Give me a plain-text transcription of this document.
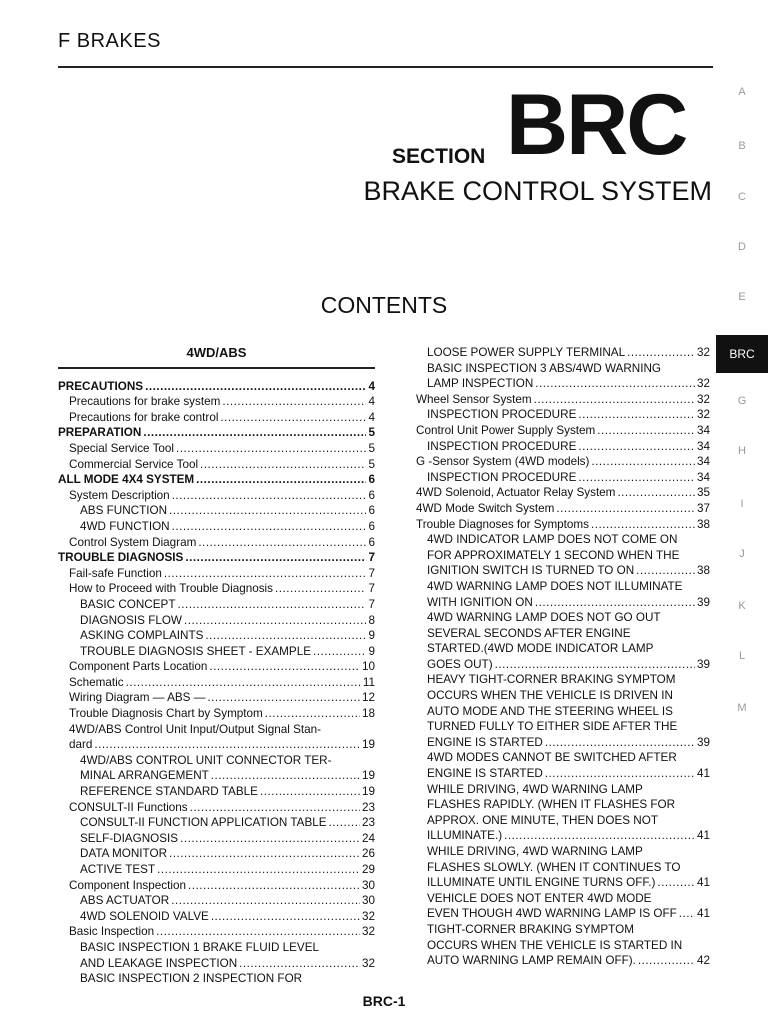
F BRAKES
SECTION BRC
BRAKE CONTROL SYSTEM
CONTENTS
A
B
C
D
E
BRC
G
H
I
J
K
L
M
4WD/ABS
PRECAUTIONS .....	4
Precautions for brake system .....	4
Precautions for brake control .....	4
PREPARATION .....	5
Special Service Tool .....	5
Commercial Service Tool .....	5
ALL MODE 4X4 SYSTEM .....	6
System Description .....	6
ABS FUNCTION .....	6
4WD FUNCTION .....	6
Control System Diagram .....	6
TROUBLE DIAGNOSIS .....	7
Fail-safe Function .....	7
How to Proceed with Trouble Diagnosis .....	7
BASIC CONCEPT .....	7
DIAGNOSIS FLOW .....	8
ASKING COMPLAINTS .....	9
TROUBLE DIAGNOSIS SHEET - EXAMPLE .....	9
Component Parts Location .....	10
Schematic .....	11
Wiring Diagram — ABS — .....	12
Trouble Diagnosis Chart by Symptom .....	18
4WD/ABS Control Unit Input/Output Signal Stan-
dard .....	19
4WD/ABS CONTROL UNIT CONNECTOR TER-
MINAL ARRANGEMENT .....	19
REFERENCE STANDARD TABLE .....	19
CONSULT-II Functions .....	23
CONSULT-II FUNCTION APPLICATION TABLE .....	23
SELF-DIAGNOSIS .....	24
DATA MONITOR .....	26
ACTIVE TEST .....	29
Component Inspection .....	30
ABS ACTUATOR .....	30
4WD SOLENOID VALVE .....	32
Basic Inspection .....	32
BASIC INSPECTION 1 BRAKE FLUID LEVEL
AND LEAKAGE INSPECTION .....	32
BASIC INSPECTION 2 INSPECTION FOR
LOOSE POWER SUPPLY TERMINAL .....	32
BASIC INSPECTION 3 ABS/4WD WARNING
LAMP INSPECTION .....	32
Wheel Sensor System .....	32
INSPECTION PROCEDURE .....	32
Control Unit Power Supply System .....	34
INSPECTION PROCEDURE .....	34
G -Sensor System (4WD models) .....	34
INSPECTION PROCEDURE .....	34
4WD Solenoid, Actuator Relay System .....	35
4WD Mode Switch System .....	37
Trouble Diagnoses for Symptoms .....	38
4WD INDICATOR LAMP DOES NOT COME ON
FOR APPROXIMATELY 1 SECOND WHEN THE
IGNITION SWITCH IS TURNED TO ON .....	38
4WD WARNING LAMP DOES NOT ILLUMINATE
WITH IGNITION ON .....	39
4WD WARNING LAMP DOES NOT GO OUT
SEVERAL SECONDS AFTER ENGINE
STARTED.(4WD MODE INDICATOR LAMP
GOES OUT) .....	39
HEAVY TIGHT-CORNER BRAKING SYMPTOM
OCCURS WHEN THE VEHICLE IS DRIVEN IN
AUTO MODE AND THE STEERING WHEEL IS
TURNED FULLY TO EITHER SIDE AFTER THE
ENGINE IS STARTED .....	39
4WD MODES CANNOT BE SWITCHED AFTER
ENGINE IS STARTED .....	41
WHILE DRIVING, 4WD WARNING LAMP
FLASHES RAPIDLY. (WHEN IT FLASHES FOR
APPROX. ONE MINUTE, THEN DOES NOT
ILLUMINATE.) .....	41
WHILE DRIVING, 4WD WARNING LAMP
FLASHES SLOWLY. (WHEN IT CONTINUES TO
ILLUMINATE UNTIL ENGINE TURNS OFF.) .....	41
VEHICLE DOES NOT ENTER 4WD MODE
EVEN THOUGH 4WD WARNING LAMP IS OFF ..... 41
TIGHT-CORNER BRAKING SYMPTOM
OCCURS WHEN THE VEHICLE IS STARTED IN
AUTO WARNING LAMP REMAIN OFF). .....	42
BRC-1
